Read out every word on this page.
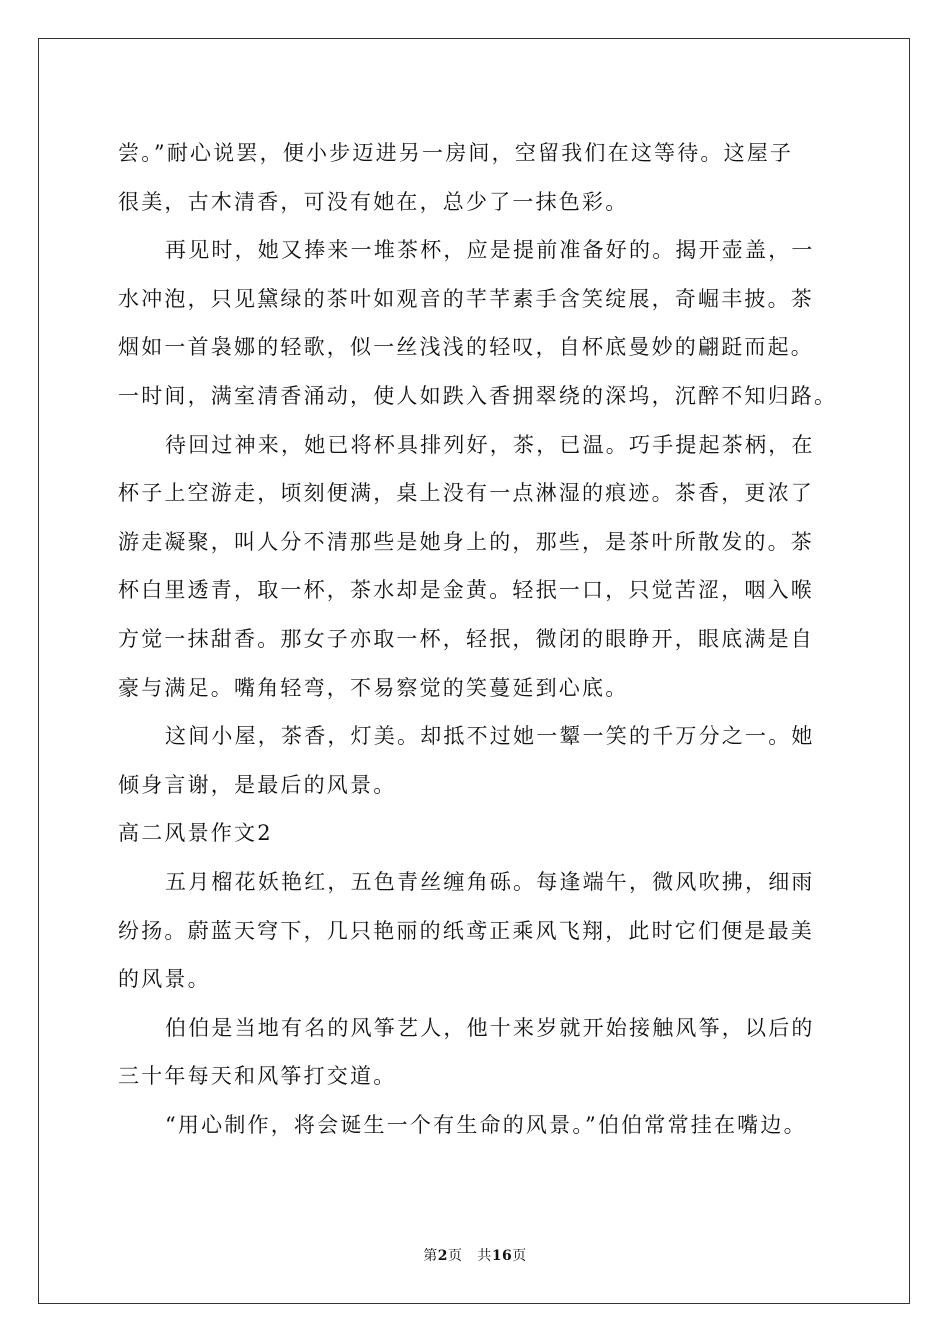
尝。”耐心说罢，便小步迈进另一房间，空留我们在这等待。这屋子
很美，古木清香，可没有她在，总少了一抹色彩。
再见时，她又捧来一堆茶杯，应是提前准备好的。揭开壶盖，一
水冲泡，只见黛绿的茶叶如观音的芊芊素手含笑绽展，奇崛丰披。茶
烟如一首袅娜的轻歌，似一丝浅浅的轻叹，自杯底曼妙的翩跹而起。
一时间，满室清香涌动，使人如跌入香拥翠绕的深坞，沉醉不知归路。
待回过神来，她已将杯具排列好，茶，已温。巧手提起茶柄，在
杯子上空游走，顷刻便满，桌上没有一点淋湿的痕迹。茶香，更浓了
游走凝聚，叫人分不清那些是她身上的，那些，是茶叶所散发的。茶
杯白里透青，取一杯，茶水却是金黄。轻抿一口，只觉苦涩，咽入喉
方觉一抹甜香。那女子亦取一杯，轻抿，微闭的眼睁开，眼底满是自
豪与满足。嘴角轻弯，不易察觉的笑蔓延到心底。
这间小屋，茶香，灯美。却抵不过她一颦一笑的千万分之一。她
倾身言谢，是最后的风景。
高二风景作文2
五月榴花妖艳红，五色青丝缠角砾。每逢端午，微风吹拂，细雨
纷扬。蔚蓝天穹下，几只艳丽的纸鸢正乘风飞翔，此时它们便是最美
的风景。
伯伯是当地有名的风筝艺人，他十来岁就开始接触风筝，以后的
三十年每天和风筝打交道。
“用心制作，将会诞生一个有生命的风景。”伯伯常常挂在嘴边。
第2页 共16页
